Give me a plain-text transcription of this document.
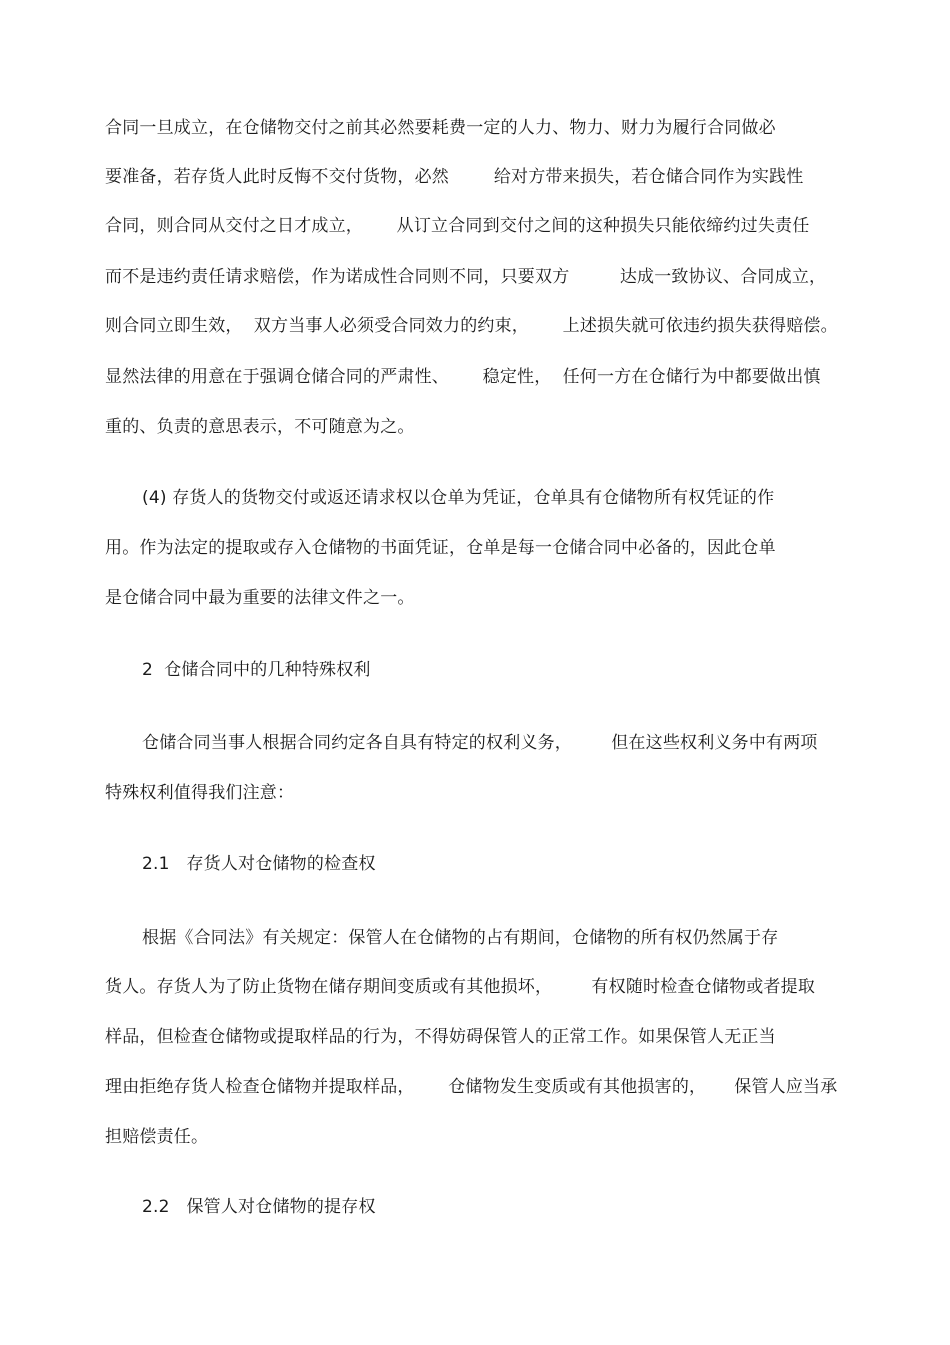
合同一旦成立，在仓储物交付之前其必然要耗费一定的人力、物力、财力为履行合同做必
要准备，若存货人此时反悔不交付货物，必然        给对方带来损失，若仓储合同作为实践性
合同，则合同从交付之日才成立，      从订立合同到交付之间的这种损失只能依缔约过失责任
而不是违约责任请求赔偿，作为诺成性合同则不同，只要双方         达成一致协议、合同成立，
则合同立即生效，  双方当事人必须受合同效力的约束，      上述损失就可依违约损失获得赔偿。
显然法律的用意在于强调仓储合同的严肃性、      稳定性，  任何一方在仓储行为中都要做出慎
重的、负责的意思表示，不可随意为之。
(4) 存货人的货物交付或返还请求权以仓单为凭证，仓单具有仓储物所有权凭证的作
用。作为法定的提取或存入仓储物的书面凭证，仓单是每一仓储合同中必备的，因此仓单
是仓储合同中最为重要的法律文件之一。
2  仓储合同中的几种特殊权利
仓储合同当事人根据合同约定各自具有特定的权利义务，       但在这些权利义务中有两项
特殊权利值得我们注意：
2.1   存货人对仓储物的检查权
根据《合同法》有关规定：保管人在仓储物的占有期间，仓储物的所有权仍然属于存
货人。存货人为了防止货物在储存期间变质或有其他损坏，       有权随时检查仓储物或者提取
样品，但检查仓储物或提取样品的行为，不得妨碍保管人的正常工作。如果保管人无正当
理由拒绝存货人检查仓储物并提取样品，      仓储物发生变质或有其他损害的，     保管人应当承
担赔偿责任。
2.2   保管人对仓储物的提存权
